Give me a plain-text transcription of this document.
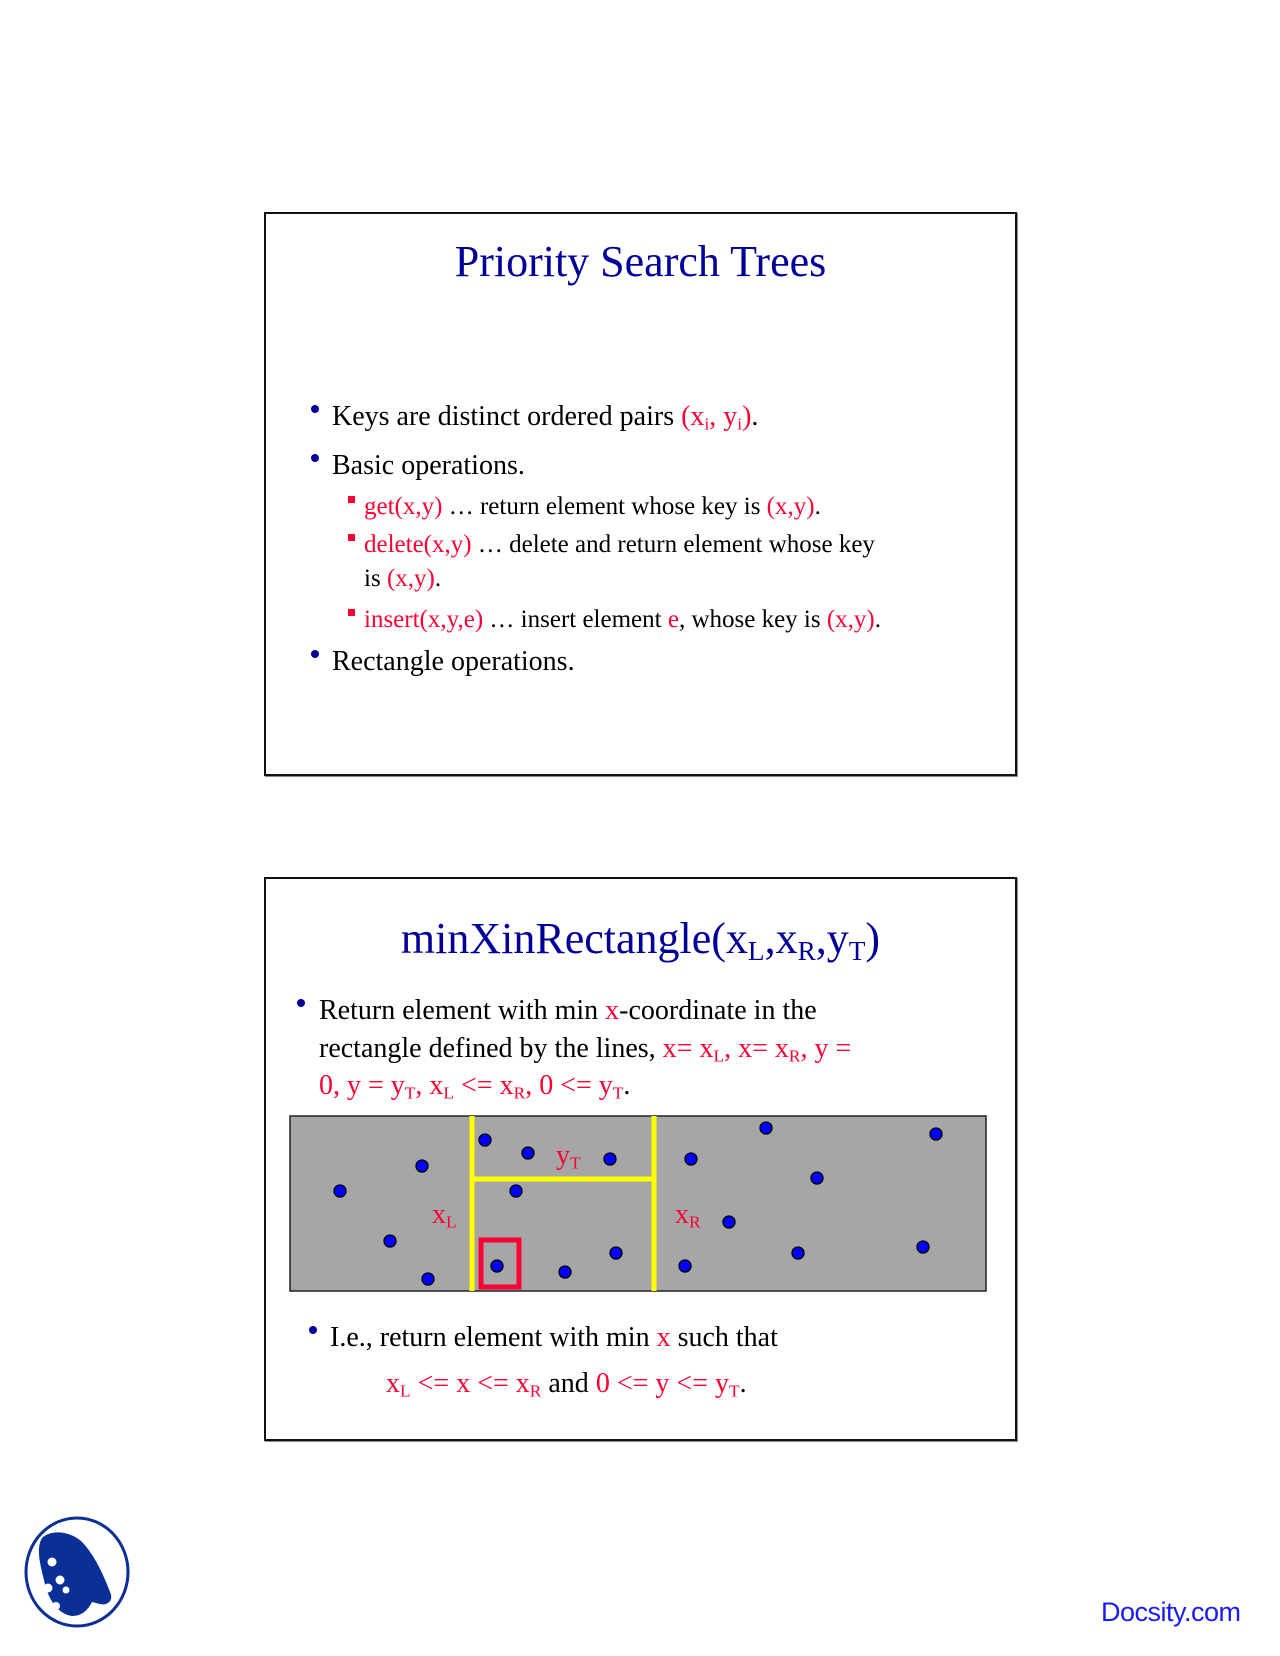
Priority Search Trees
Keys are distinct ordered pairs ($x_i$, $y_i$).
Basic operations.
get(x,y) … return element whose key is (x,y).
delete(x,y) … delete and return element whose key
is (x,y).
insert(x,y,e) … insert element e, whose key is (x,y).
Rectangle operations.
$minXinRectangle(x_L,x_R,y_T)$
Return element with min x-coordinate in the
rectangle defined by the lines, $x= x_L$, $x= x_R$, y =
0, $y = y_T$, $x_L <= x_R$, $0 <= y_T$.
$x_L$	$x_R$
$y_T$
I.e., return element with min x such that
$x_L <= x <= x_R$ and $0 <= y <= y_T$.
Docsity.com
